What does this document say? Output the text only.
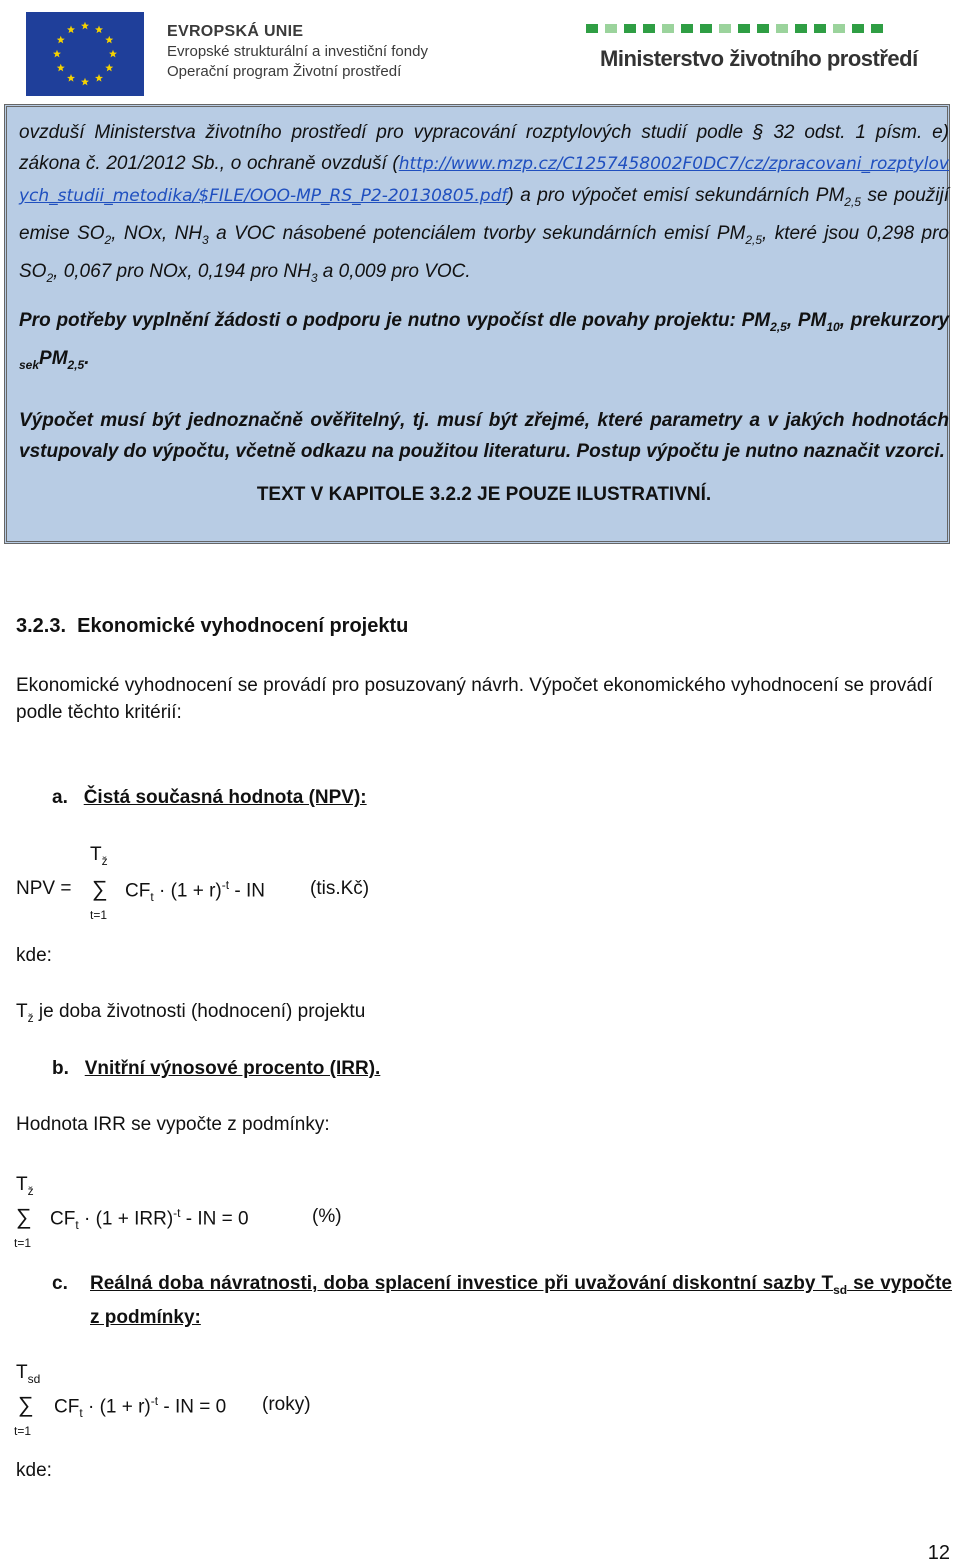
EVROPSKÁ UNIE
Evropské strukturální a investiční fondy
Operační program Životní prostředí
Ministerstvo životního prostředí

ovzduší Ministerstva životního prostředí pro vypracování rozptylových studií podle § 32 odst. 1 písm. e) zákona č. 201/2012 Sb., o ochraně ovzduší (http://www.mzp.cz/C1257458002F0DC7/cz/zpracovani_rozptylovych_studii_metodika/$FILE/OOO-MP_RS_P2-20130805.pdf) a pro výpočet emisí sekundárních $PM_{2,5}$ se použijí emise $SO_2$, NOx, $NH_3$ a VOC násobené potenciálem tvorby sekundárních emisí $PM_{2,5}$, které jsou 0,298 pro $SO_2$, 0,067 pro NOx, 0,194 pro $NH_3$ a 0,009 pro VOC.

Pro potřeby vyplnění žádosti o podporu je nutno vypočíst dle povahy projektu: $PM_{2,5}$, $PM_{10}$, prekurzory $_{sek}PM_{2,5}$.

Výpočet musí být jednoznačně ověřitelný, tj. musí být zřejmé, které parametry a v jakých hodnotách vstupovaly do výpočtu, včetně odkazu na použitou literaturu. Postup výpočtu je nutno naznačit vzorci.

TEXT V KAPITOLE 3.2.2 JE POUZE ILUSTRATIVNÍ.

3.2.3. Ekonomické vyhodnocení projektu
Ekonomické vyhodnocení se provádí pro posuzovaný návrh. Výpočet ekonomického vyhodnocení se provádí podle těchto kritérií:
a. Čistá současná hodnota (NPV):
$T_ž$
NPV = ∑ $CF_t \cdot (1 + r)^{-t}$ - IN (tis.Kč)
t=1
kde:
$T_ž$ je doba životnosti (hodnocení) projektu
b. Vnitřní výnosové procento (IRR).
Hodnota IRR se vypočte z podmínky:
$T_ž$
∑ $CF_t \cdot (1 + IRR)^{-t}$ - IN = 0	(%)
t=1
c. Reálná doba návratnosti, doba splacení investice při uvažování diskontní sazby $T_{sd}$ se vypočte z podmínky:
$T_{sd}$
∑ $CF_t \cdot (1 + r)^{-t}$ - IN = 0 (roky)
t=1
kde:
12
